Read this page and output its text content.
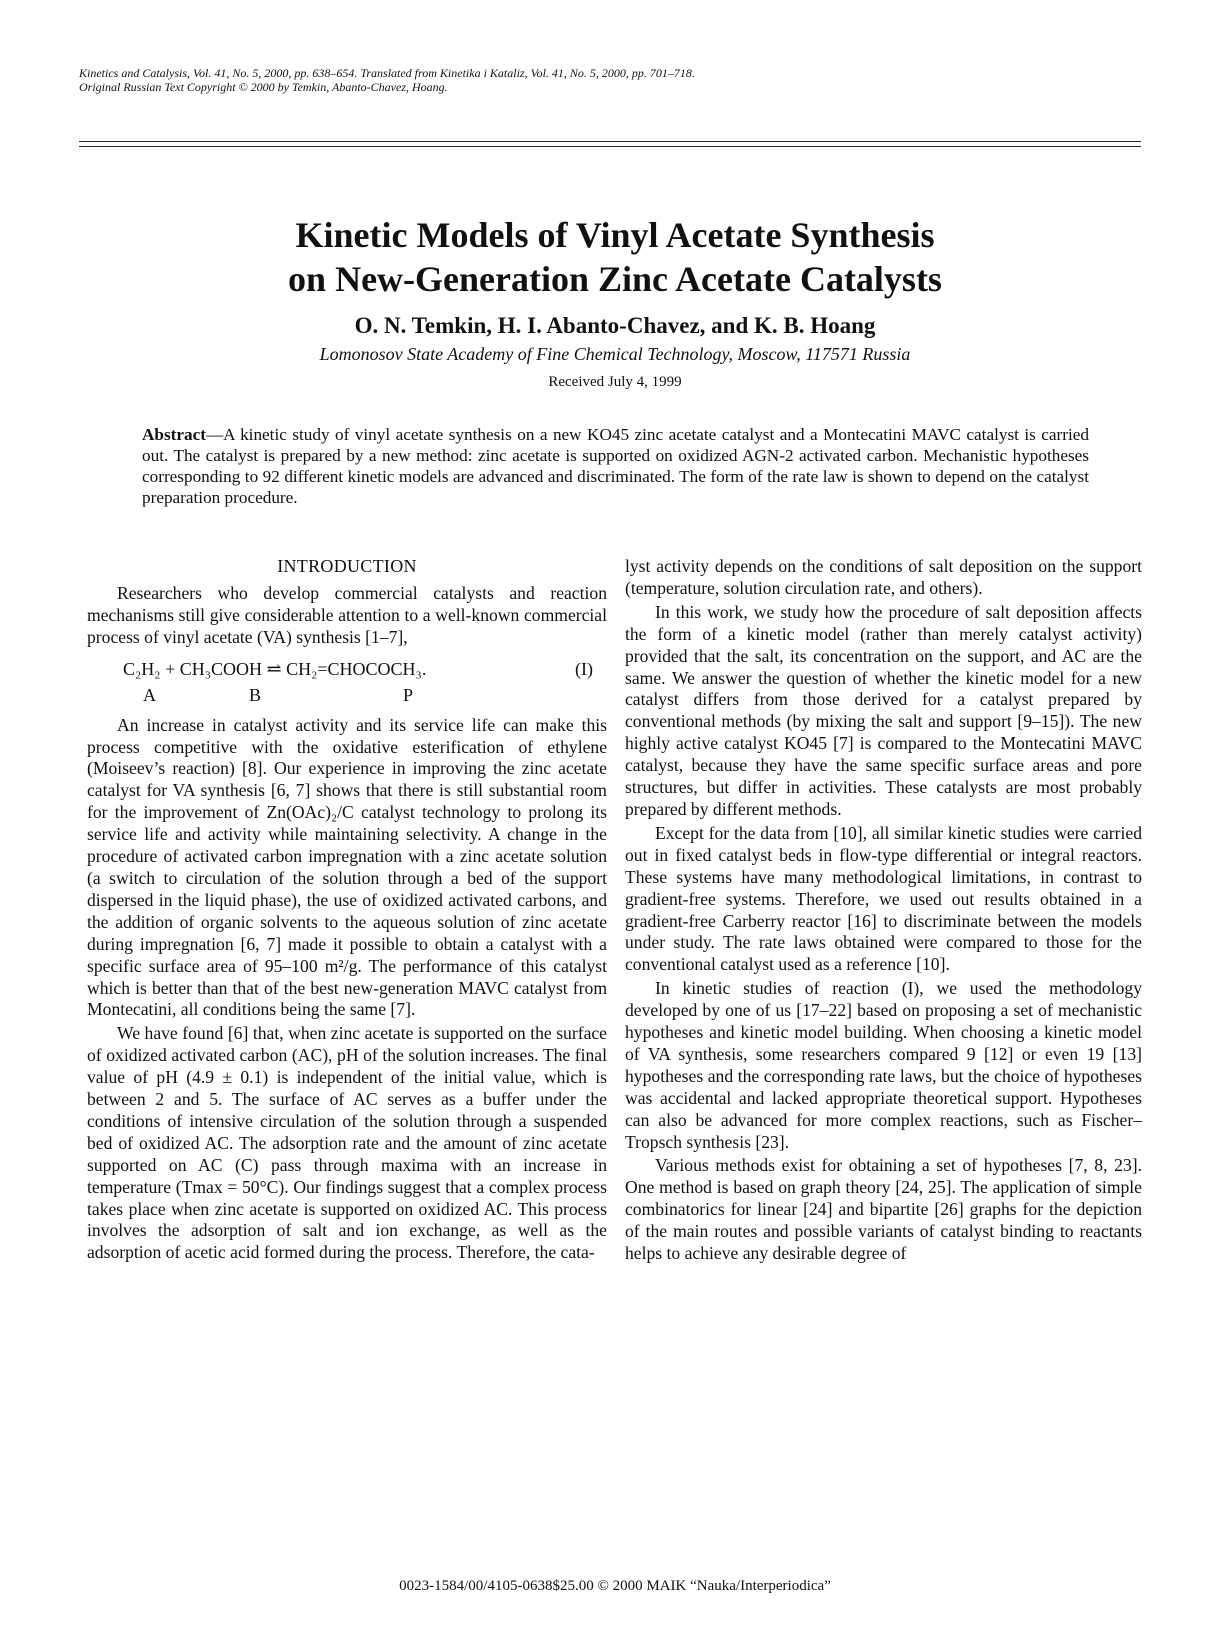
Kinetics and Catalysis, Vol. 41, No. 5, 2000, pp. 638–654. Translated from Kinetika i Kataliz, Vol. 41, No. 5, 2000, pp. 701–718.
Original Russian Text Copyright © 2000 by Temkin, Abanto-Chavez, Hoang.
Kinetic Models of Vinyl Acetate Synthesis
on New-Generation Zinc Acetate Catalysts
O. N. Temkin, H. I. Abanto-Chavez, and K. B. Hoang
Lomonosov State Academy of Fine Chemical Technology, Moscow, 117571 Russia
Received July 4, 1999
Abstract—A kinetic study of vinyl acetate synthesis on a new KO45 zinc acetate catalyst and a Montecatini MAVC catalyst is carried out. The catalyst is prepared by a new method: zinc acetate is supported on oxidized AGN-2 activated carbon. Mechanistic hypotheses corresponding to 92 different kinetic models are advanced and discriminated. The form of the rate law is shown to depend on the catalyst preparation procedure.
INTRODUCTION

Researchers who develop commercial catalysts and reaction mechanisms still give considerable attention to a well-known commercial process of vinyl acetate (VA) synthesis [1–7],

C₂H₂ + CH₃COOH ⥨ CH₂=CHOCOCH₃.	(I)
A	B	P

An increase in catalyst activity and its service life can make this process competitive with the oxidative esterification of ethylene (Moiseev’s reaction) [8]. Our experience in improving the zinc acetate catalyst for VA synthesis [6, 7] shows that there is still substantial room for the improvement of Zn(OAc)₂/C catalyst technology to prolong its service life and activity while maintaining selectivity. A change in the procedure of activated carbon impregnation with a zinc acetate solution (a switch to circulation of the solution through a bed of the support dispersed in the liquid phase), the use of oxidized activated carbons, and the addition of organic solvents to the aqueous solution of zinc acetate during impregnation [6, 7] made it possible to obtain a catalyst with a specific surface area of 95–100 m²/g. The performance of this catalyst which is better than that of the best new-generation MAVC catalyst from Montecatini, all conditions being the same [7].

We have found [6] that, when zinc acetate is supported on the surface of oxidized activated carbon (AC), pH of the solution increases. The final value of pH (4.9 ± 0.1) is independent of the initial value, which is between 2 and 5. The surface of AC serves as a buffer under the conditions of intensive circulation of the solution through a suspended bed of oxidized AC. The adsorption rate and the amount of zinc acetate supported on AC (C) pass through maxima with an increase in temperature (Tmax = 50°C). Our findings suggest that a complex process takes place when zinc acetate is supported on oxidized AC. This process involves the adsorption of salt and ion exchange, as well as the adsorption of acetic acid formed during the process. Therefore, the cata-

lyst activity depends on the conditions of salt deposition on the support (temperature, solution circulation rate, and others).

In this work, we study how the procedure of salt deposition affects the form of a kinetic model (rather than merely catalyst activity) provided that the salt, its concentration on the support, and AC are the same. We answer the question of whether the kinetic model for a new catalyst differs from those derived for a catalyst prepared by conventional methods (by mixing the salt and support [9–15]). The new highly active catalyst KO45 [7] is compared to the Montecatini MAVC catalyst, because they have the same specific surface areas and pore structures, but differ in activities. These catalysts are most probably prepared by different methods.

Except for the data from [10], all similar kinetic studies were carried out in fixed catalyst beds in flow-type differential or integral reactors. These systems have many methodological limitations, in contrast to gradient-free systems. Therefore, we used out results obtained in a gradient-free Carberry reactor [16] to discriminate between the models under study. The rate laws obtained were compared to those for the conventional catalyst used as a reference [10].

In kinetic studies of reaction (I), we used the methodology developed by one of us [17–22] based on proposing a set of mechanistic hypotheses and kinetic model building. When choosing a kinetic model of VA synthesis, some researchers compared 9 [12] or even 19 [13] hypotheses and the corresponding rate laws, but the choice of hypotheses was accidental and lacked appropriate theoretical support. Hypotheses can also be advanced for more complex reactions, such as Fischer–Tropsch synthesis [23].

Various methods exist for obtaining a set of hypotheses [7, 8, 23]. One method is based on graph theory [24, 25]. The application of simple combinatorics for linear [24] and bipartite [26] graphs for the depiction of the main routes and possible variants of catalyst binding to reactants helps to achieve any desirable degree of

0023-1584/00/4105-0638$25.00 © 2000 MAIK “Nauka/Interperiodica”
